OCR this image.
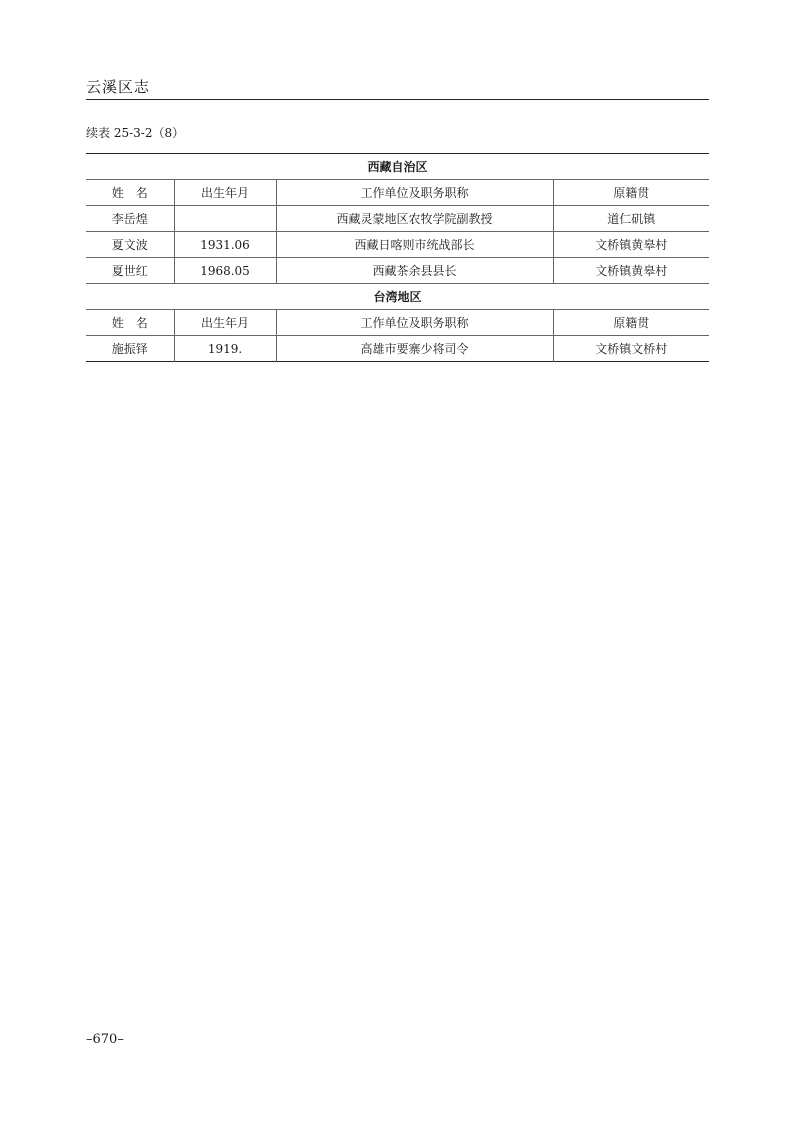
云溪区志
续表 25-3-2（8）
西藏自治区			
姓　名	出生年月	工作单位及职务职称	原籍贯
李岳煌		西藏灵蒙地区农牧学院副教授	道仁矶镇
夏文波	1931.06	西藏日喀则市统战部长	文桥镇黄皋村
夏世红	1968.05	西藏茶余县县长	文桥镇黄皋村
台湾地区			
姓　名	出生年月	工作单位及职务职称	原籍贯
施振铎	1919.	高雄市要寨少将司令	文桥镇文桥村
–670–
